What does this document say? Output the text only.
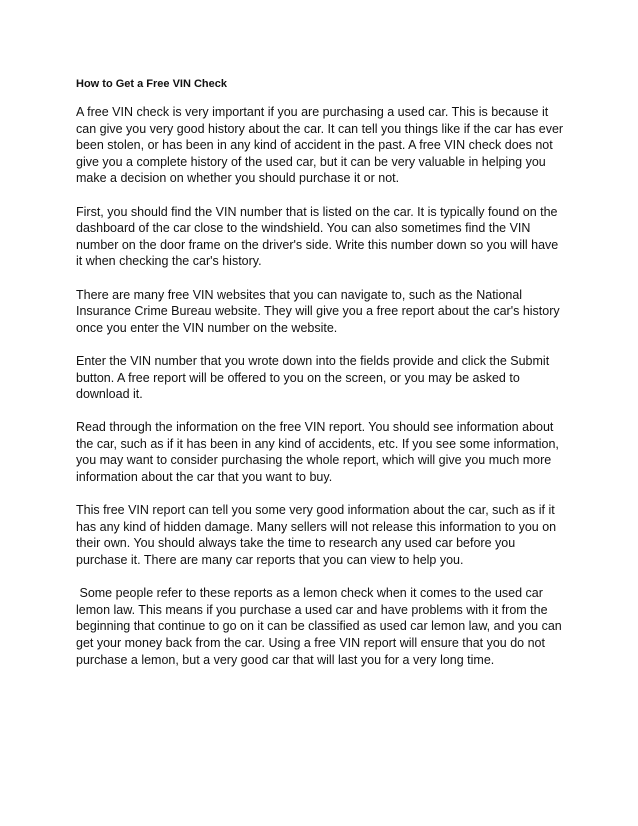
How to Get a Free VIN Check

A free VIN check is very important if you are purchasing a used car. This is because it can give you very good history about the car. It can tell you things like if the car has ever been stolen, or has been in any kind of accident in the past. A free VIN check does not give you a complete history of the used car, but it can be very valuable in helping you make a decision on whether you should purchase it or not.

First, you should find the VIN number that is listed on the car. It is typically found on the dashboard of the car close to the windshield. You can also sometimes find the VIN number on the door frame on the driver's side. Write this number down so you will have it when checking the car's history.

There are many free VIN websites that you can navigate to, such as the National Insurance Crime Bureau website. They will give you a free report about the car's history once you enter the VIN number on the website.

Enter the VIN number that you wrote down into the fields provide and click the Submit button. A free report will be offered to you on the screen, or you may be asked to download it.

Read through the information on the free VIN report. You should see information about the car, such as if it has been in any kind of accidents, etc. If you see some information, you may want to consider purchasing the whole report, which will give you much more information about the car that you want to buy.

This free VIN report can tell you some very good information about the car, such as if it has any kind of hidden damage. Many sellers will not release this information to you on their own. You should always take the time to research any used car before you purchase it. There are many car reports that you can view to help you.

Some people refer to these reports as a lemon check when it comes to the used car lemon law. This means if you purchase a used car and have problems with it from the beginning that continue to go on it can be classified as used car lemon law, and you can get your money back from the car. Using a free VIN report will ensure that you do not purchase a lemon, but a very good car that will last you for a very long time.
